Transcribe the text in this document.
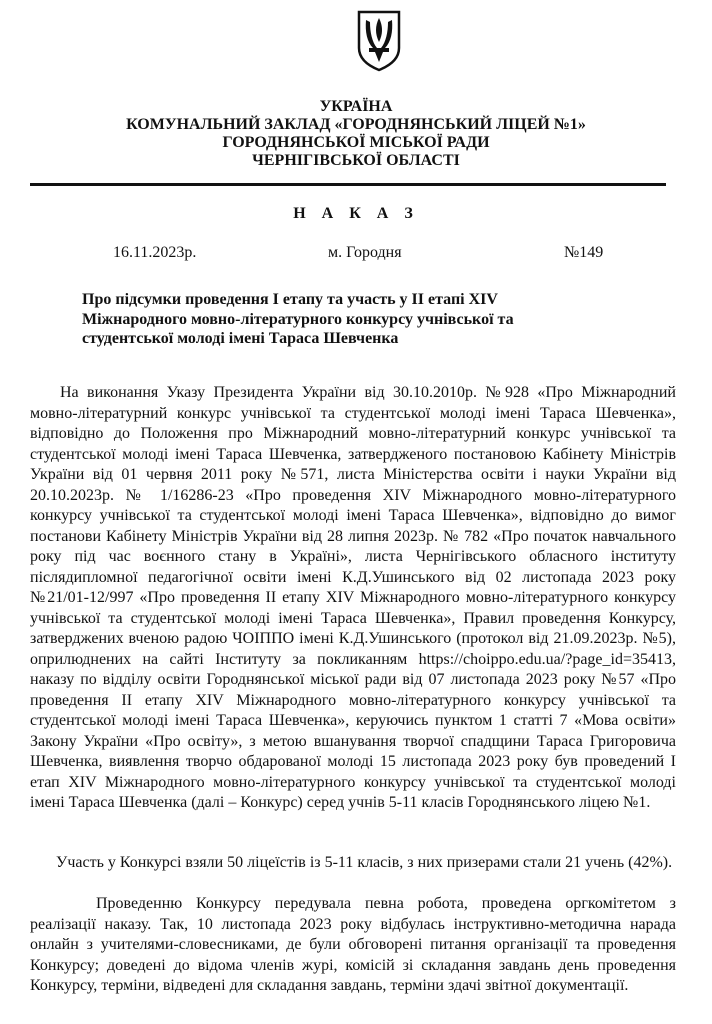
УКРАЇНА
КОМУНАЛЬНИЙ ЗАКЛАД «ГОРОДНЯНСЬКИЙ ЛІЦЕЙ №1»
ГОРОДНЯНСЬКОЇ МІСЬКОЇ РАДИ
ЧЕРНІГІВСЬКОЇ ОБЛАСТІ
Н А К А З
16.11.2023р.	м. Городня	№149
Про підсумки проведення І етапу та участь у ІІ етапі XIV Міжнародного мовно-літературного конкурсу учнівської та студентської молоді імені Тараса Шевченка

На виконання Указу Президента України від 30.10.2010р. №928 «Про Міжнародний мовно-літературний конкурс учнівської та студентської молоді імені Тараса Шевченка», відповідно до Положення про Міжнародний мовно-літературний конкурс учнівської та студентської молоді імені Тараса Шевченка, затвердженого постановою Кабінету Міністрів України від 01 червня 2011 року №571, листа Міністерства освіти і науки України від 20.10.2023р. № 1/16286-23 «Про проведення XIV Міжнародного мовно-літературного конкурсу учнівської та студентської молоді імені Тараса Шевченка», відповідно до вимог постанови Кабінету Міністрів України від 28 липня 2023р. № 782 «Про початок навчального року під час воєнного стану в Україні», листа Чернігівського обласного інституту післядипломної педагогічної освіти імені К.Д.Ушинського від 02 листопада 2023 року №21/01-12/997 «Про проведення ІІ етапу XIV Міжнародного мовно-літературного конкурсу учнівської та студентської молоді імені Тараса Шевченка», Правил проведення Конкурсу, затверджених вченою радою ЧОІППО імені К.Д.Ушинського (протокол від 21.09.2023р. №5), оприлюднених на сайті Інституту за покликанням https://choippo.edu.ua/?page_id=35413, наказу по відділу освіти Городнянської міської ради від 07 листопада 2023 року №57 «Про проведення ІІ етапу XIV Міжнародного мовно-літературного конкурсу учнівської та студентської молоді імені Тараса Шевченка», керуючись пунктом 1 статті 7 «Мова освіти» Закону України «Про освіту», з метою вшанування творчої спадщини Тараса Григоровича Шевченка, виявлення творчо обдарованої молоді 15 листопада 2023 року був проведений І етап XIV Міжнародного мовно-літературного конкурсу учнівської та студентської молоді імені Тараса Шевченка (далі – Конкурс) серед учнів 5-11 класів Городнянського ліцею №1.

Участь у Конкурсі взяли 50 ліцеїстів із 5-11 класів, з них призерами стали 21 учень (42%).

Проведенню Конкурсу передувала певна робота, проведена оргкомітетом з реалізації наказу. Так, 10 листопада 2023 року відбулась інструктивно-методична нарада онлайн з учителями-словесниками, де були обговорені питання організації та проведення Конкурсу; доведені до відома членів журі, комісій зі складання завдань день проведення Конкурсу, терміни, відведені для складання завдань, терміни здачі звітної документації.
